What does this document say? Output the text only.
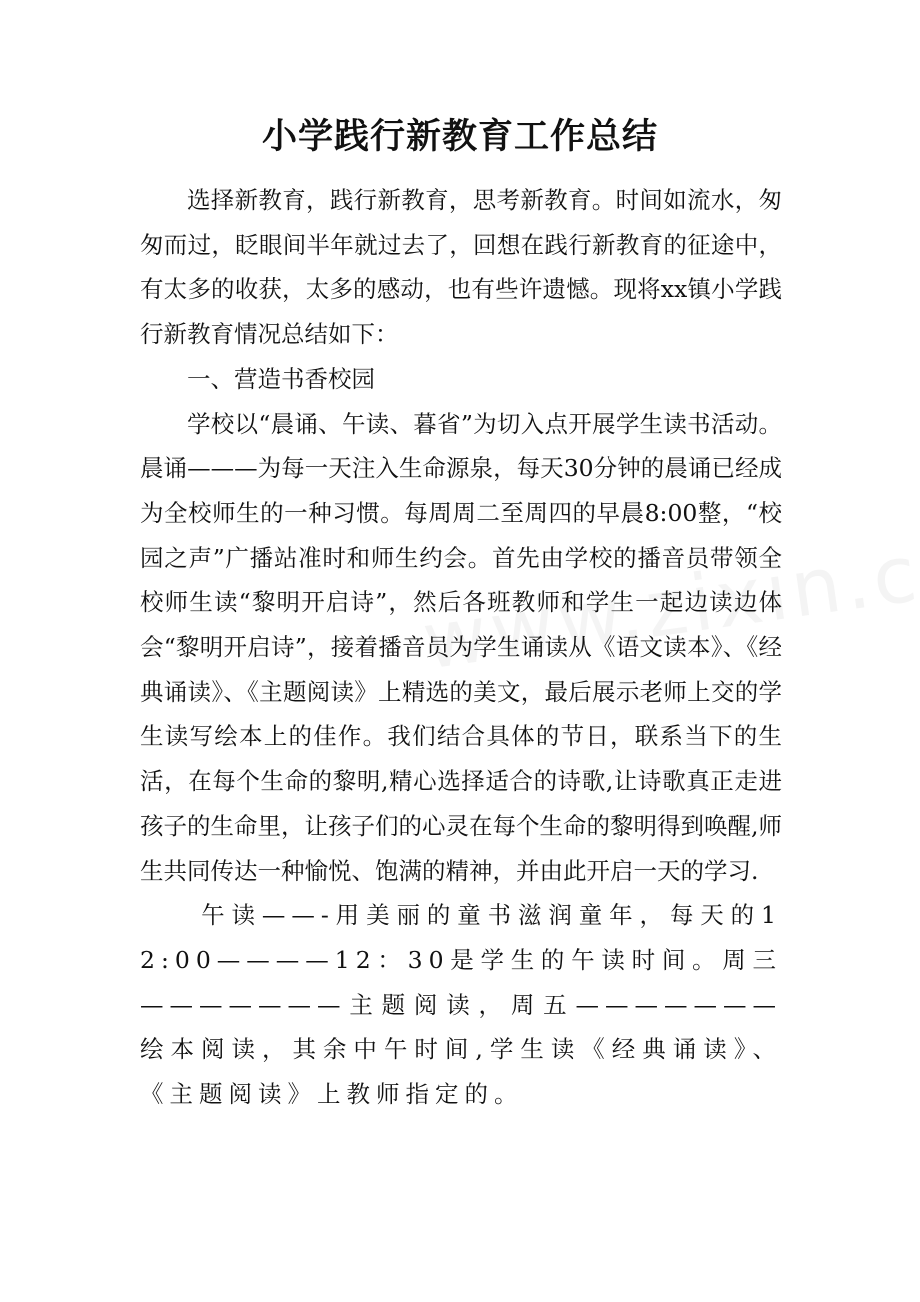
小学践行新教育工作总结

选择新教育，践行新教育，思考新教育。时间如流水，匆匆而过，眨眼间半年就过去了，回想在践行新教育的征途中，有太多的收获，太多的感动，也有些许遗憾。现将xx镇小学践行新教育情况总结如下：

一、营造书香校园

学校以“晨诵、午读、暮省”为切入点开展学生读书活动。晨诵———为每一天注入生命源泉，每天30分钟的晨诵已经成为全校师生的一种习惯。每周周二至周四的早晨8:00整，“校园之声”广播站准时和师生约会。首先由学校的播音员带领全校师生读“黎明开启诗”，然后各班教师和学生一起边读边体会“黎明开启诗”，接着播音员为学生诵读从《语文读本》、《经典诵读》、《主题阅读》上精选的美文，最后展示老师上交的学生读写绘本上的佳作。我们结合具体的节日，联系当下的生活，在每个生命的黎明,精心选择适合的诗歌,让诗歌真正走进孩子的生命里，让孩子们的心灵在每个生命的黎明得到唤醒,师生共同传达一种愉悦、饱满的精神，并由此开启一天的学习.

午读——-用美丽的童书滋润童年，每天的12:00————12：30是学生的午读时间。周三———————主题阅读，周五———————绘本阅读，其余中午时间,学生读《经典诵读》、《主题阅读》上教师指定的。
